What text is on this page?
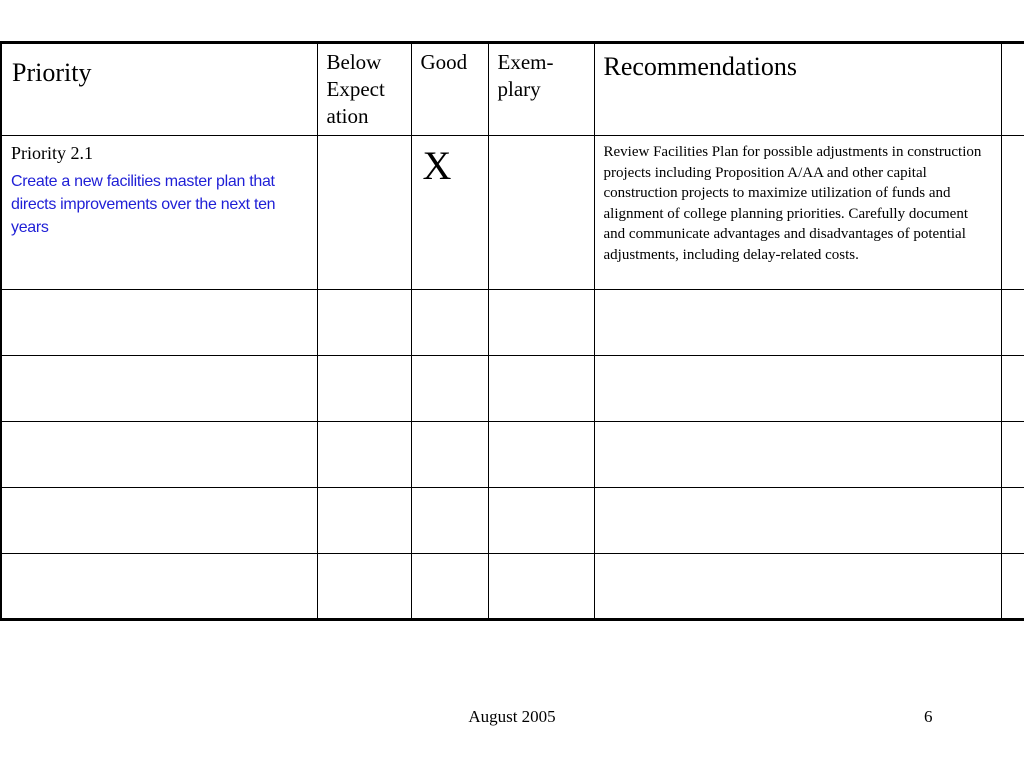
Priority	Below Expect ation	Good	Exem-plary	Recommendations	

Priority 2.1
Create a new facilities master plan that directs improvements over the next ten years		X		Review Facilities Plan for possible adjustments in construction projects including Proposition A/AA and other capital construction projects to maximize utilization of funds and alignment of college planning priorities. Carefully document and communicate advantages and disadvantages of potential adjustments, including delay-related costs.	

August 2005	6
